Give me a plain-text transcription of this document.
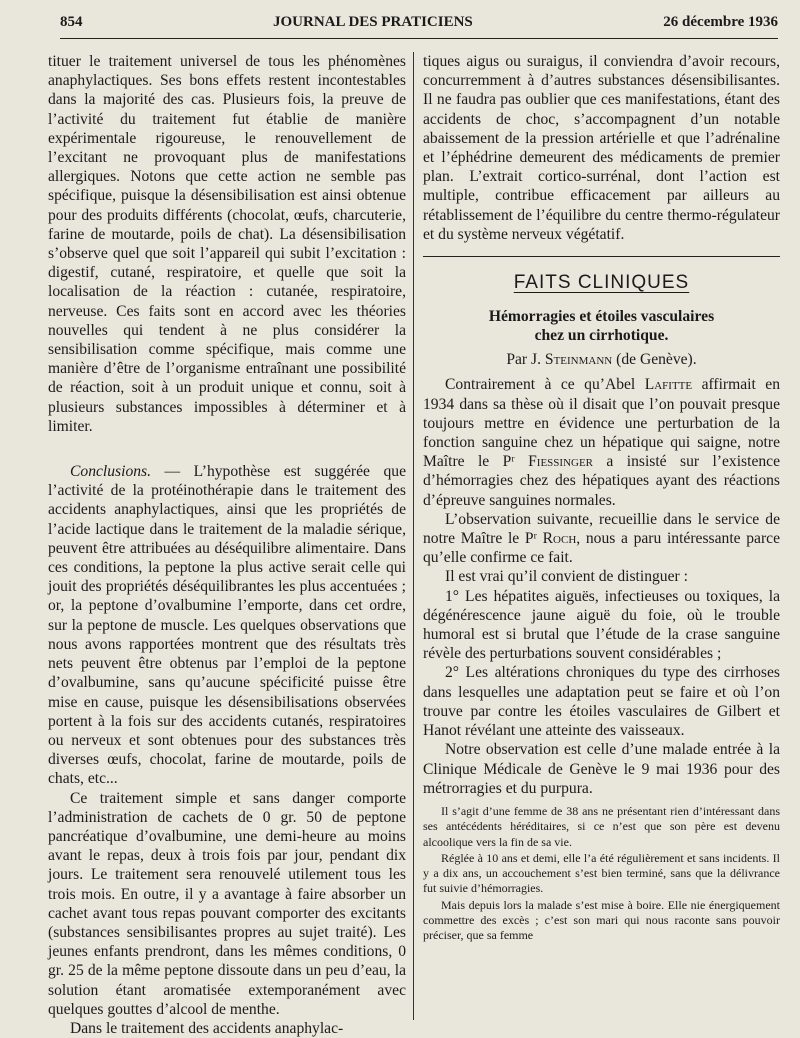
854	JOURNAL DES PRATICIENS	26 décembre 1936

tituer le traitement universel de tous les phénomènes anaphylactiques. Ses bons effets restent incontestables dans la majorité des cas. Plusieurs fois, la preuve de l’activité du traitement fut établie de manière expérimentale rigoureuse, le renouvellement de l’excitant ne provoquant plus de manifestations allergiques. Notons que cette action ne semble pas spécifique, puisque la désensibilisation est ainsi obtenue pour des produits différents (chocolat, œufs, charcuterie, farine de moutarde, poils de chat). La désensibilisation s’observe quel que soit l’appareil qui subit l’excitation : digestif, cutané, respiratoire, et quelle que soit la localisation de la réaction : cutanée, respiratoire, nerveuse. Ces faits sont en accord avec les théories nouvelles qui tendent à ne plus considérer la sensibilisation comme spécifique, mais comme une manière d’être de l’organisme entraînant une possibilité de réaction, soit à un produit unique et connu, soit à plusieurs substances impossibles à déterminer et à limiter.

Conclusions. — L’hypothèse est suggérée que l’activité de la protéinothérapie dans le traitement des accidents anaphylactiques, ainsi que les propriétés de l’acide lactique dans le traitement de la maladie sérique, peuvent être attribuées au déséquilibre alimentaire. Dans ces conditions, la peptone la plus active serait celle qui jouit des propriétés déséquilibrantes les plus accentuées ; or, la peptone d’ovalbumine l’emporte, dans cet ordre, sur la peptone de muscle. Les quelques observations que nous avons rapportées montrent que des résultats très nets peuvent être obtenus par l’emploi de la peptone d’ovalbumine, sans qu’aucune spécificité puisse être mise en cause, puisque les désensibilisations observées portent à la fois sur des accidents cutanés, respiratoires ou nerveux et sont obtenues pour des substances très diverses œufs, chocolat, farine de moutarde, poils de chats, etc...

Ce traitement simple et sans danger comporte l’administration de cachets de 0 gr. 50 de peptone pancréatique d’ovalbumine, une demi-heure au moins avant le repas, deux à trois fois par jour, pendant dix jours. Le traitement sera renouvelé utilement tous les trois mois. En outre, il y a avantage à faire absorber un cachet avant tous repas pouvant comporter des excitants (substances sensibilisantes propres au sujet traité). Les jeunes enfants prendront, dans les mêmes conditions, 0 gr. 25 de la même peptone dissoute dans un peu d’eau, la solution étant aromatisée extemporanément avec quelques gouttes d’alcool de menthe.

Dans le traitement des accidents anaphylac-

tiques aigus ou suraigus, il conviendra d’avoir recours, concurremment à d’autres substances désensibilisantes. Il ne faudra pas oublier que ces manifestations, étant des accidents de choc, s’accompagnent d’un notable abaissement de la pression artérielle et que l’adrénaline et l’éphédrine demeurent des médicaments de premier plan. L’extrait cortico-surrénal, dont l’action est multiple, contribue efficacement par ailleurs au rétablissement de l’équilibre du centre thermo-régulateur et du système nerveux végétatif.

FAITS CLINIQUES
Hémorragies et étoiles vasculaires
chez un cirrhotique.
Par J. Steinmann (de Genève).

Contrairement à ce qu’Abel Lafitte affirmait en 1934 dans sa thèse où il disait que l’on pouvait presque toujours mettre en évidence une perturbation de la fonction sanguine chez un hépatique qui saigne, notre Maître le Pʳ Fiessinger a insisté sur l’existence d’hémorragies chez des hépatiques ayant des réactions d’épreuve sanguines normales.

L’observation suivante, recueillie dans le service de notre Maître le Pʳ Roch, nous a paru intéressante parce qu’elle confirme ce fait.

Il est vrai qu’il convient de distinguer :

1° Les hépatites aiguës, infectieuses ou toxiques, la dégénérescence jaune aiguë du foie, où le trouble humoral est si brutal que l’étude de la crase sanguine révèle des perturbations souvent considérables ;

2° Les altérations chroniques du type des cirrhoses dans lesquelles une adaptation peut se faire et où l’on trouve par contre les étoiles vasculaires de Gilbert et Hanot révélant une atteinte des vaisseaux.

Notre observation est celle d’une malade entrée à la Clinique Médicale de Genève le 9 mai 1936 pour des métrorragies et du purpura.

Il s’agit d’une femme de 38 ans ne présentant rien d’intéressant dans ses antécédents héréditaires, si ce n’est que son père est devenu alcoolique vers la fin de sa vie.

Réglée à 10 ans et demi, elle l’a été régulièrement et sans incidents. Il y a dix ans, un accouchement s’est bien terminé, sans que la délivrance fut suivie d’hémorragies.

Mais depuis lors la malade s’est mise à boire. Elle nie énergiquement commettre des excès ; c’est son mari qui nous raconte sans pouvoir préciser, que sa femme
